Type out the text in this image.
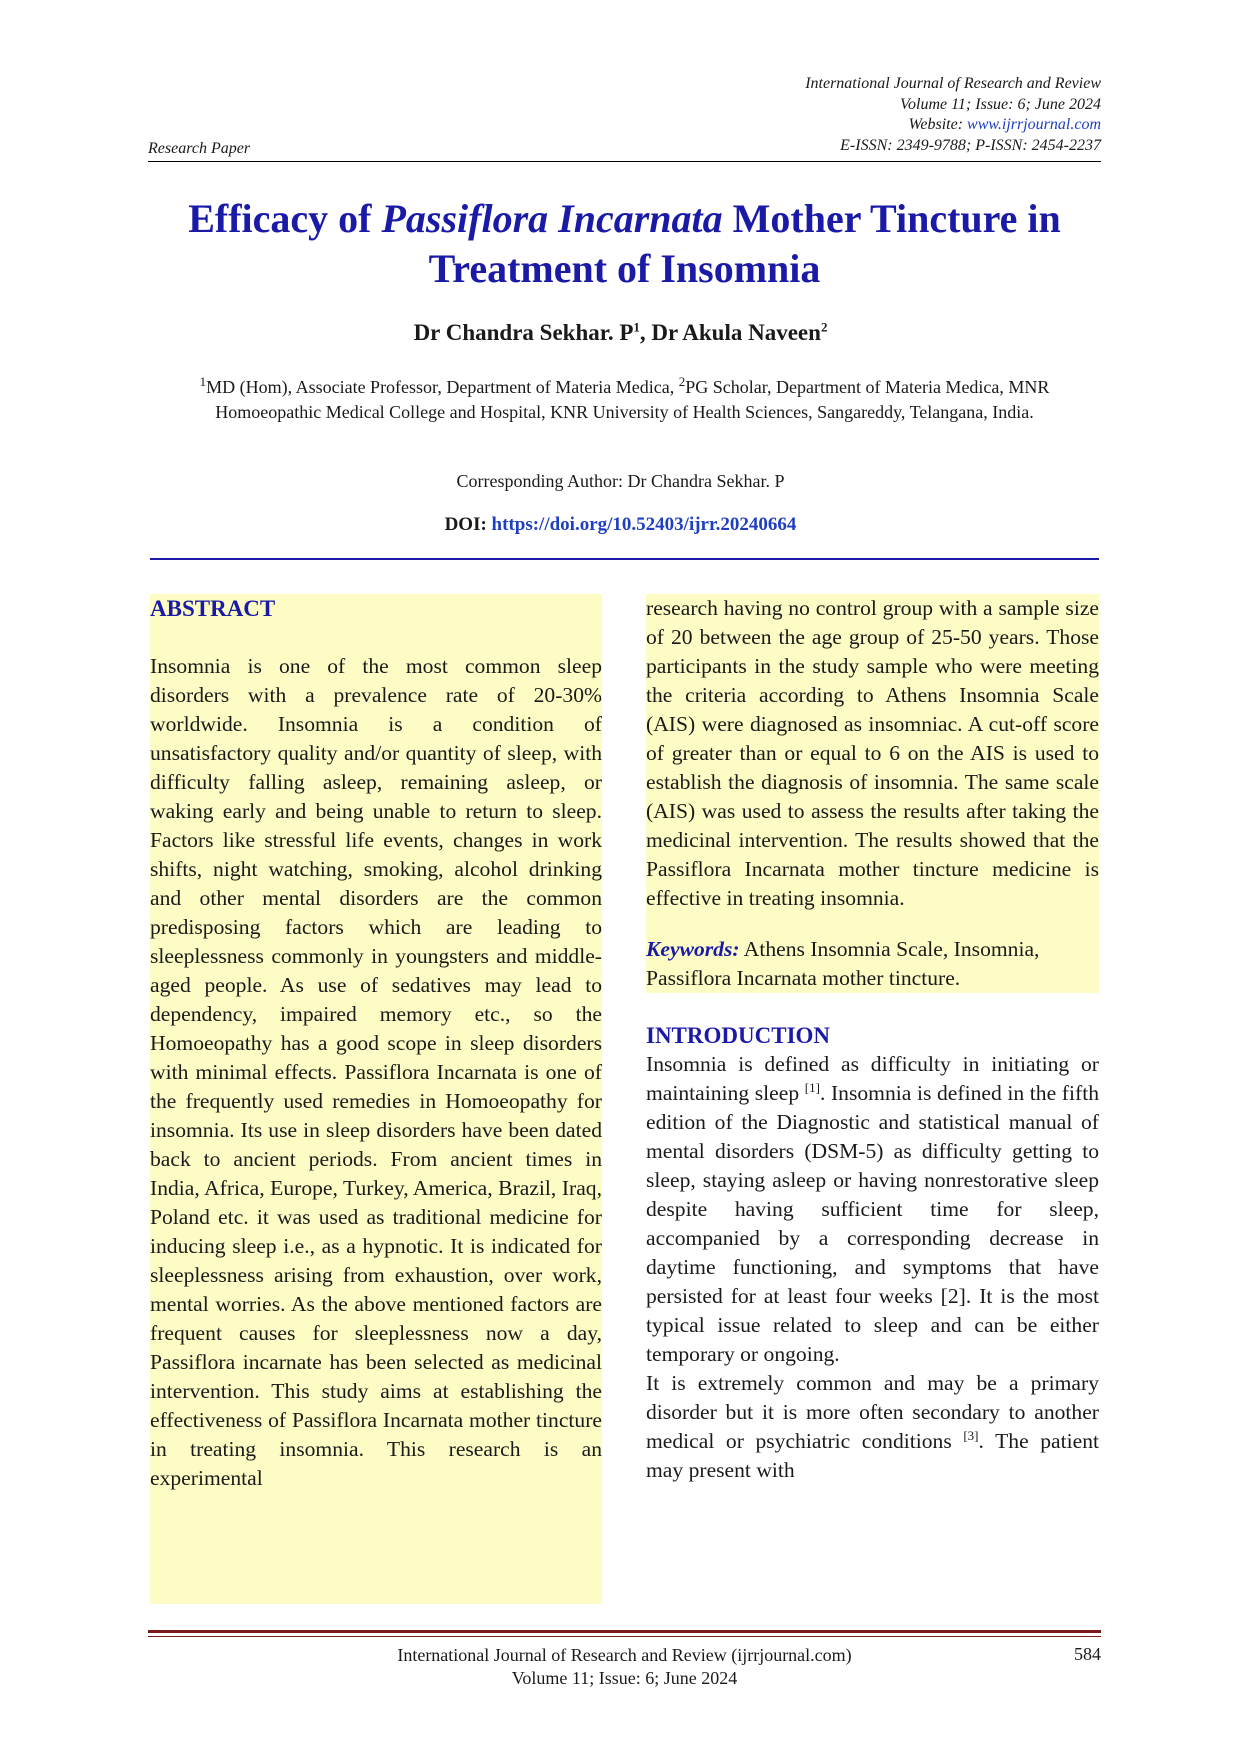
International Journal of Research and Review
Volume 11; Issue: 6; June 2024
Website: www.ijrrjournal.com
E-ISSN: 2349-9788; P-ISSN: 2454-2237
Research Paper
Efficacy of Passiflora Incarnata Mother Tincture in Treatment of Insomnia
Dr Chandra Sekhar. $P^1$, Dr Akula Naveen$^2$
$^1$MD (Hom), Associate Professor, Department of Materia Medica, $^2$PG Scholar, Department of Materia Medica, MNR Homoeopathic Medical College and Hospital, KNR University of Health Sciences, Sangareddy, Telangana, India.
Corresponding Author: Dr Chandra Sekhar. P
DOI: https://doi.org/10.52403/ijrr.20240664

ABSTRACT

Insomnia is one of the most common sleep disorders with a prevalence rate of 20-30% worldwide. Insomnia is a condition of unsatisfactory quality and/or quantity of sleep, with difficulty falling asleep, remaining asleep, or waking early and being unable to return to sleep. Factors like stressful life events, changes in work shifts, night watching, smoking, alcohol drinking and other mental disorders are the common predisposing factors which are leading to sleeplessness commonly in youngsters and middle-aged people. As use of sedatives may lead to dependency, impaired memory etc., so the Homoeopathy has a good scope in sleep disorders with minimal effects. Passiflora Incarnata is one of the frequently used remedies in Homoeopathy for insomnia. Its use in sleep disorders have been dated back to ancient periods. From ancient times in India, Africa, Europe, Turkey, America, Brazil, Iraq, Poland etc. it was used as traditional medicine for inducing sleep i.e., as a hypnotic. It is indicated for sleeplessness arising from exhaustion, over work, mental worries. As the above mentioned factors are frequent causes for sleeplessness now a day, Passiflora incarnate has been selected as medicinal intervention. This study aims at establishing the effectiveness of Passiflora Incarnata mother tincture in treating insomnia. This research is an experimental

research having no control group with a sample size of 20 between the age group of 25-50 years. Those participants in the study sample who were meeting the criteria according to Athens Insomnia Scale (AIS) were diagnosed as insomniac. A cut-off score of greater than or equal to 6 on the AIS is used to establish the diagnosis of insomnia. The same scale (AIS) was used to assess the results after taking the medicinal intervention. The results showed that the Passiflora Incarnata mother tincture medicine is effective in treating insomnia.

Keywords: Athens Insomnia Scale, Insomnia, Passiflora Incarnata mother tincture.

INTRODUCTION

Insomnia is defined as difficulty in initiating or maintaining sleep [1]. Insomnia is defined in the fifth edition of the Diagnostic and statistical manual of mental disorders (DSM-5) as difficulty getting to sleep, staying asleep or having nonrestorative sleep despite having sufficient time for sleep, accompanied by a corresponding decrease in daytime functioning, and symptoms that have persisted for at least four weeks [2]. It is the most typical issue related to sleep and can be either temporary or ongoing.

It is extremely common and may be a primary disorder but it is more often secondary to another medical or psychiatric conditions [3]. The patient may present with

International Journal of Research and Review (ijrrjournal.com)
Volume 11; Issue: 6; June 2024
584
